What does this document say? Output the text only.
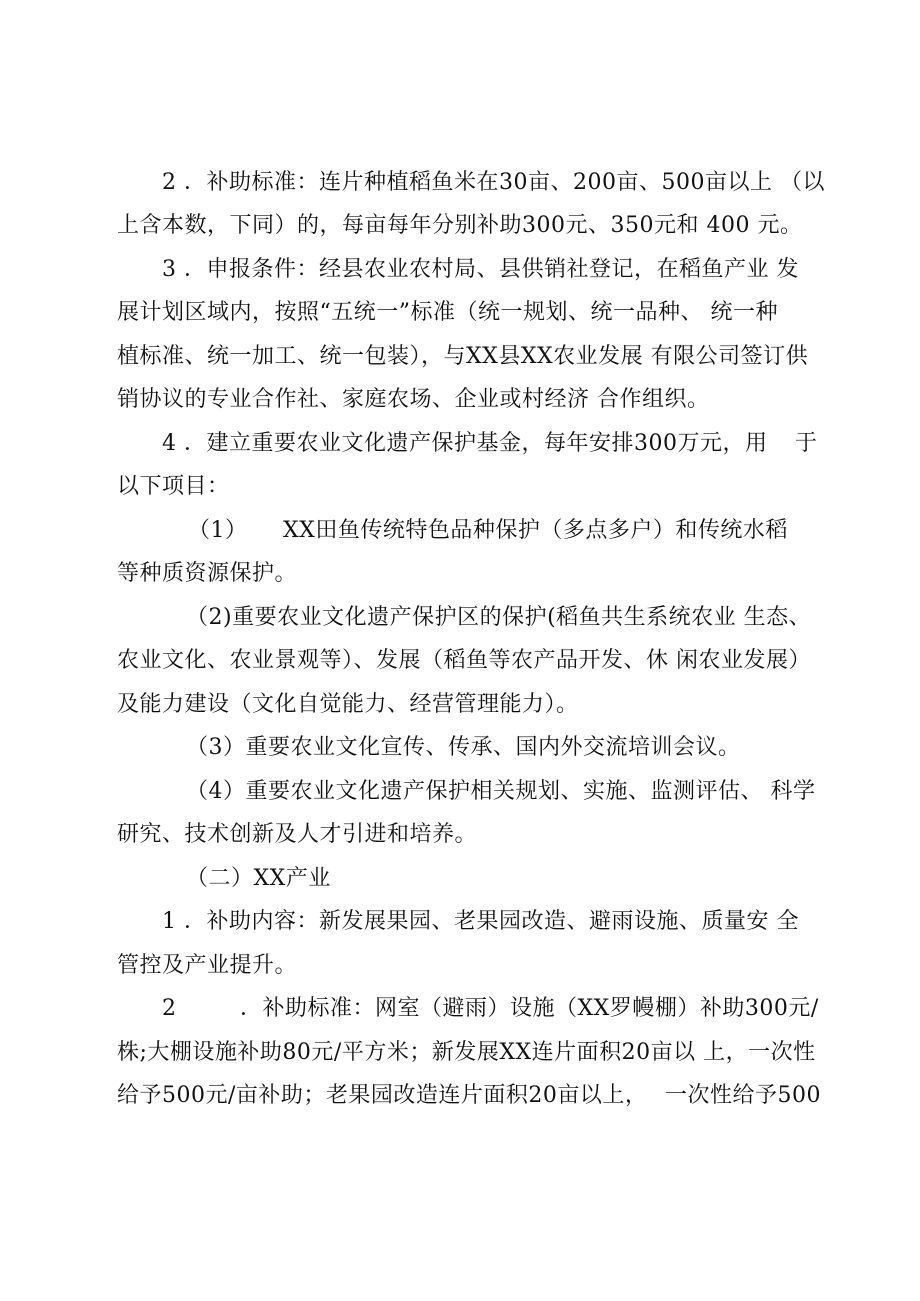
2 ．补助标准：连片种植稻鱼米在30亩、200亩、500亩以上 （以
上含本数，下同）的，每亩每年分别补助300元、350元和 400 元。
3 ．申报条件：经县农业农村局、县供销社登记，在稻鱼产业 发
展计划区域内，按照“五统一”标准（统一规划、统一品种、 统一种
植标准、统一加工、统一包装），与XX县XX农业发展 有限公司签订供
销协议的专业合作社、家庭农场、企业或村经济 合作组织。
4 ．建立重要农业文化遗产保护基金，每年安排300万元，用 于
以下项目：
（1） XX田鱼传统特色品种保护（多点多户）和传统水稻
等种质资源保护。
（2)重要农业文化遗产保护区的保护(稻鱼共生系统农业 生态、
农业文化、农业景观等）、发展（稻鱼等农产品开发、休 闲农业发展）
及能力建设（文化自觉能力、经营管理能力）。
（3）重要农业文化宣传、传承、国内外交流培训会议。
（4）重要农业文化遗产保护相关规划、实施、监测评估、 科学
研究、技术创新及人才引进和培养。
（二）XX产业
1 ．补助内容：新发展果园、老果园改造、避雨设施、质量安 全
管控及产业提升。
2	．补助标准：网室（避雨）设施（XX罗幔棚）补助300元/
株;大棚设施补助80元/平方米；新发展XX连片面积20亩以 上，一次性
给予500元/亩补助；老果园改造连片面积20亩以上， 一次性给予500
